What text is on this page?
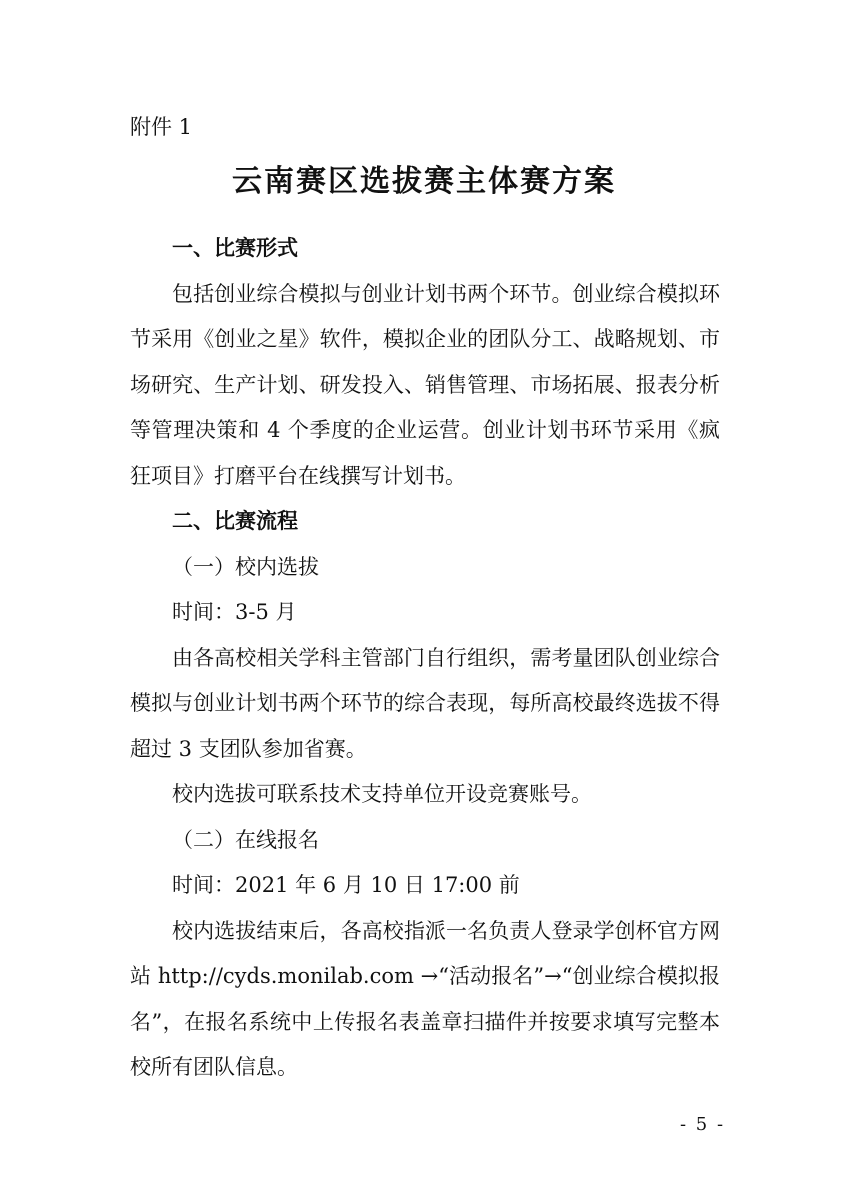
附件 1
云南赛区选拔赛主体赛方案

一、比赛形式

包括创业综合模拟与创业计划书两个环节。创业综合模拟环节采用《创业之星》软件，模拟企业的团队分工、战略规划、市场研究、生产计划、研发投入、销售管理、市场拓展、报表分析等管理决策和 4 个季度的企业运营。创业计划书环节采用《疯狂项目》打磨平台在线撰写计划书。

二、比赛流程

（一）校内选拔

时间：3-5 月

由各高校相关学科主管部门自行组织，需考量团队创业综合模拟与创业计划书两个环节的综合表现，每所高校最终选拔不得超过 3 支团队参加省赛。

校内选拔可联系技术支持单位开设竞赛账号。

（二）在线报名

时间：2021 年 6 月 10 日 17:00 前

校内选拔结束后，各高校指派一名负责人登录学创杯官方网站 http://cyds.monilab.com →“活动报名”→“创业综合模拟报名”，在报名系统中上传报名表盖章扫描件并按要求填写完整本校所有团队信息。

- 5 -
